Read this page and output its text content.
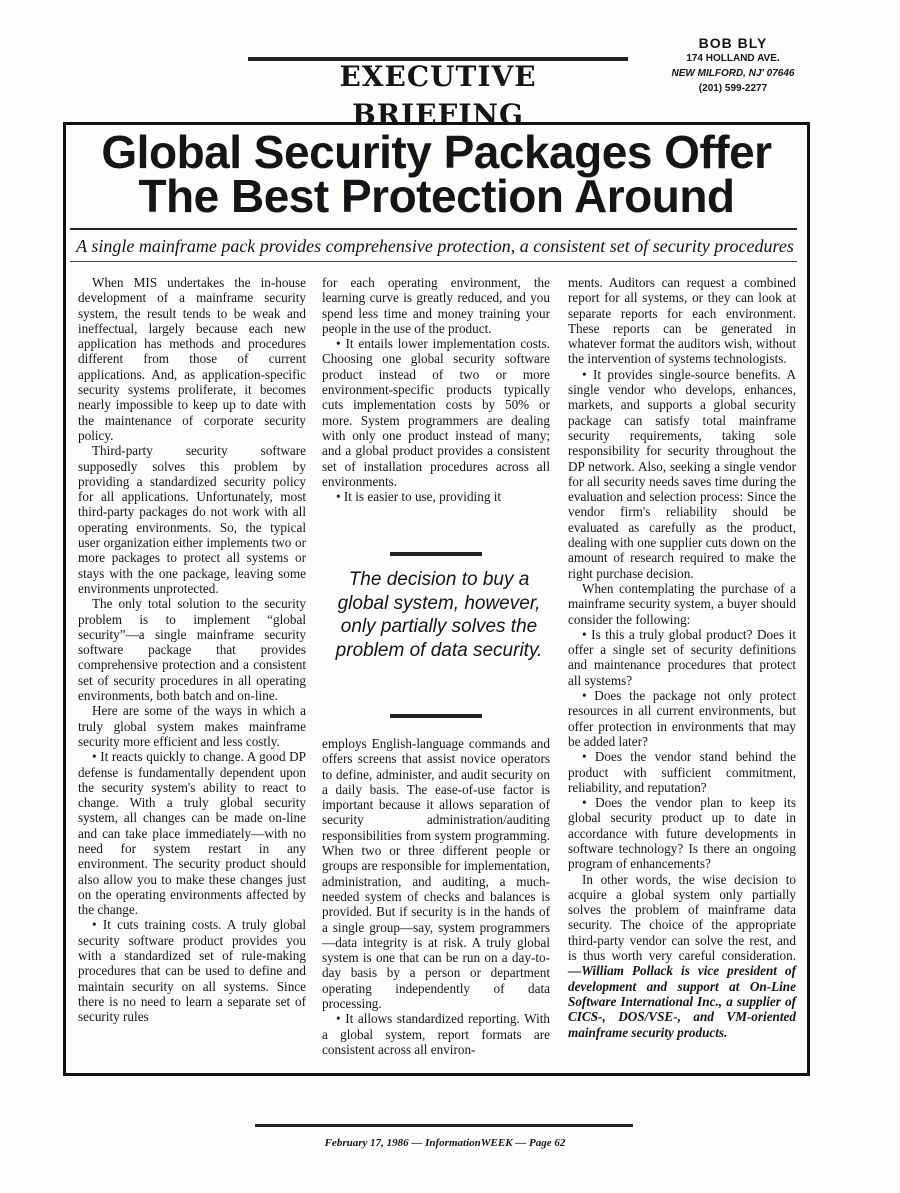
EXECUTIVE BRIEFING
BOB BLY
174 HOLLAND AVE.
NEW MILFORD, NJ' 07646
(201) 599-2277
Global Security Packages Offer
The Best Protection Around
A single mainframe pack provides comprehensive protection, a consistent set of security procedures

When MIS undertakes the in-house development of a mainframe security system, the result tends to be weak and ineffectual, largely because each new application has methods and procedures different from those of current applications. And, as application-specific security systems proliferate, it becomes nearly impossible to keep up to date with the maintenance of corporate security policy.

Third-party security software supposedly solves this problem by providing a standardized security policy for all applications. Unfortunately, most third-party packages do not work with all operating environments. So, the typical user organization either implements two or more packages to protect all systems or stays with the one package, leaving some environments unprotected.

The only total solution to the security problem is to implement “global security”—a single mainframe security software package that provides comprehensive protection and a consistent set of security procedures in all operating environments, both batch and on-line.

Here are some of the ways in which a truly global system makes mainframe security more efficient and less costly.

• It reacts quickly to change. A good DP defense is fundamentally dependent upon the security system's ability to react to change. With a truly global security system, all changes can be made on-line and can take place immediately—with no need for system restart in any environment. The security product should also allow you to make these changes just on the operating environments affected by the change.

• It cuts training costs. A truly global security software product provides you with a standardized set of rule-making procedures that can be used to define and maintain security on all systems. Since there is no need to learn a separate set of security rules

for each operating environment, the learning curve is greatly reduced, and you spend less time and money training your people in the use of the product.

• It entails lower implementation costs. Choosing one global security software product instead of two or more environment-specific products typically cuts implementation costs by 50% or more. System programmers are dealing with only one product instead of many; and a global product provides a consistent set of installation procedures across all environments.

• It is easier to use, providing it

The decision to buy a global system, however, only partially solves the problem of data security.

employs English-language commands and offers screens that assist novice operators to define, administer, and audit security on a daily basis. The ease-of-use factor is important because it allows separation of security administration/auditing responsibilities from system programming. When two or three different people or groups are responsible for implementation, administration, and auditing, a much-needed system of checks and balances is provided. But if security is in the hands of a single group—say, system programmers—data integrity is at risk. A truly global system is one that can be run on a day-to-day basis by a person or department operating independently of data processing.

• It allows standardized reporting. With a global system, report formats are consistent across all environ-

ments. Auditors can request a combined report for all systems, or they can look at separate reports for each environment. These reports can be generated in whatever format the auditors wish, without the intervention of systems technologists.

• It provides single-source benefits. A single vendor who develops, enhances, markets, and supports a global security package can satisfy total mainframe security requirements, taking sole responsibility for security throughout the DP network. Also, seeking a single vendor for all security needs saves time during the evaluation and selection process: Since the vendor firm's reliability should be evaluated as carefully as the product, dealing with one supplier cuts down on the amount of research required to make the right purchase decision.

When contemplating the purchase of a mainframe security system, a buyer should consider the following:

• Is this a truly global product? Does it offer a single set of security definitions and maintenance procedures that protect all systems?

• Does the package not only protect resources in all current environments, but offer protection in environments that may be added later?

• Does the vendor stand behind the product with sufficient commitment, reliability, and reputation?

• Does the vendor plan to keep its global security product up to date in accordance with future developments in software technology? Is there an ongoing program of enhancements?

In other words, the wise decision to acquire a global system only partially solves the problem of mainframe data security. The choice of the appropriate third-party vendor can solve the rest, and is thus worth very careful consideration. —William Pollack is vice president of development and support at On-Line Software International Inc., a supplier of CICS-, DOS/VSE-, and VM-oriented mainframe security products.

February 17, 1986 — InformationWEEK — Page 62
